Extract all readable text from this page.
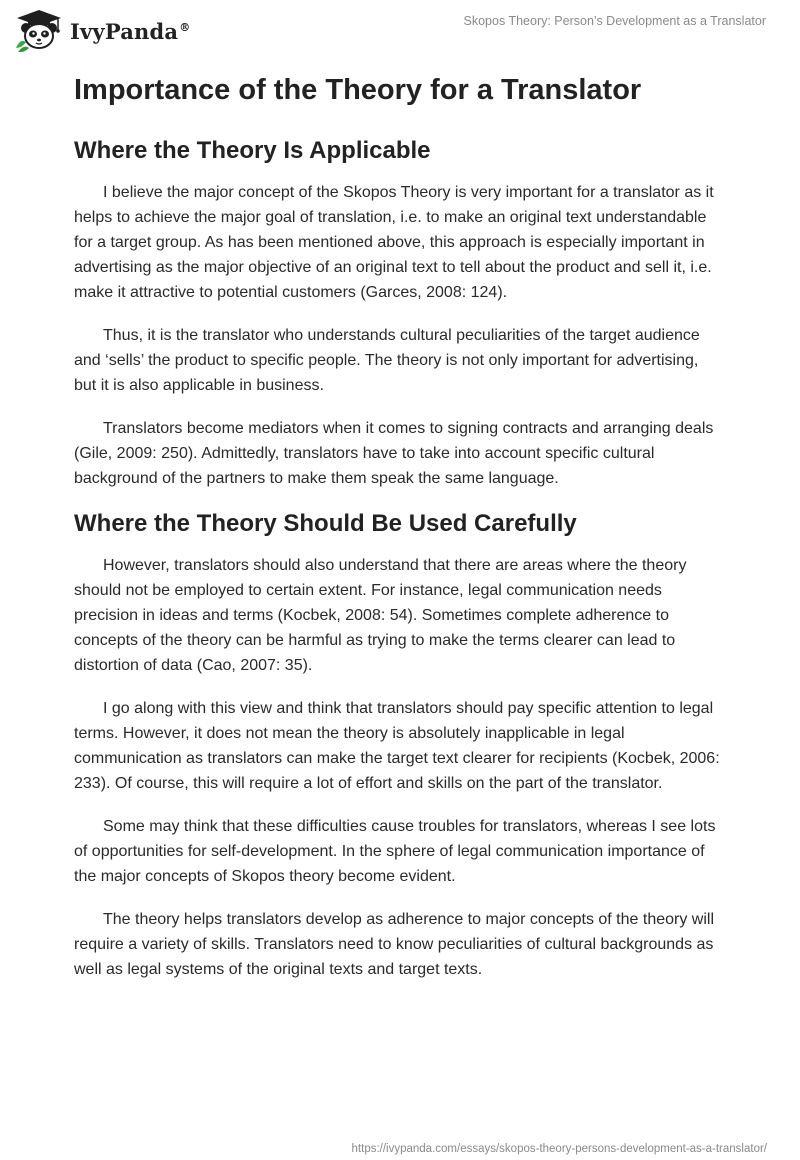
IvyPanda®	Skopos Theory: Person’s Development as a Translator
Importance of the Theory for a Translator
Where the Theory Is Applicable

I believe the major concept of the Skopos Theory is very important for a translator as it helps to achieve the major goal of translation, i.e. to make an original text understandable for a target group. As has been mentioned above, this approach is especially important in advertising as the major objective of an original text to tell about the product and sell it, i.e. make it attractive to potential customers (Garces, 2008: 124).

Thus, it is the translator who understands cultural peculiarities of the target audience and ‘sells’ the product to specific people. The theory is not only important for advertising, but it is also applicable in business.

Translators become mediators when it comes to signing contracts and arranging deals (Gile, 2009: 250). Admittedly, translators have to take into account specific cultural background of the partners to make them speak the same language.

Where the Theory Should Be Used Carefully

However, translators should also understand that there are areas where the theory should not be employed to certain extent. For instance, legal communication needs precision in ideas and terms (Kocbek, 2008: 54). Sometimes complete adherence to concepts of the theory can be harmful as trying to make the terms clearer can lead to distortion of data (Cao, 2007: 35).

I go along with this view and think that translators should pay specific attention to legal terms. However, it does not mean the theory is absolutely inapplicable in legal communication as translators can make the target text clearer for recipients (Kocbek, 2006: 233). Of course, this will require a lot of effort and skills on the part of the translator.

Some may think that these difficulties cause troubles for translators, whereas I see lots of opportunities for self-development. In the sphere of legal communication importance of the major concepts of Skopos theory become evident.

The theory helps translators develop as adherence to major concepts of the theory will require a variety of skills. Translators need to know peculiarities of cultural backgrounds as well as legal systems of the original texts and target texts.

https://ivypanda.com/essays/skopos-theory-persons-development-as-a-translator/
